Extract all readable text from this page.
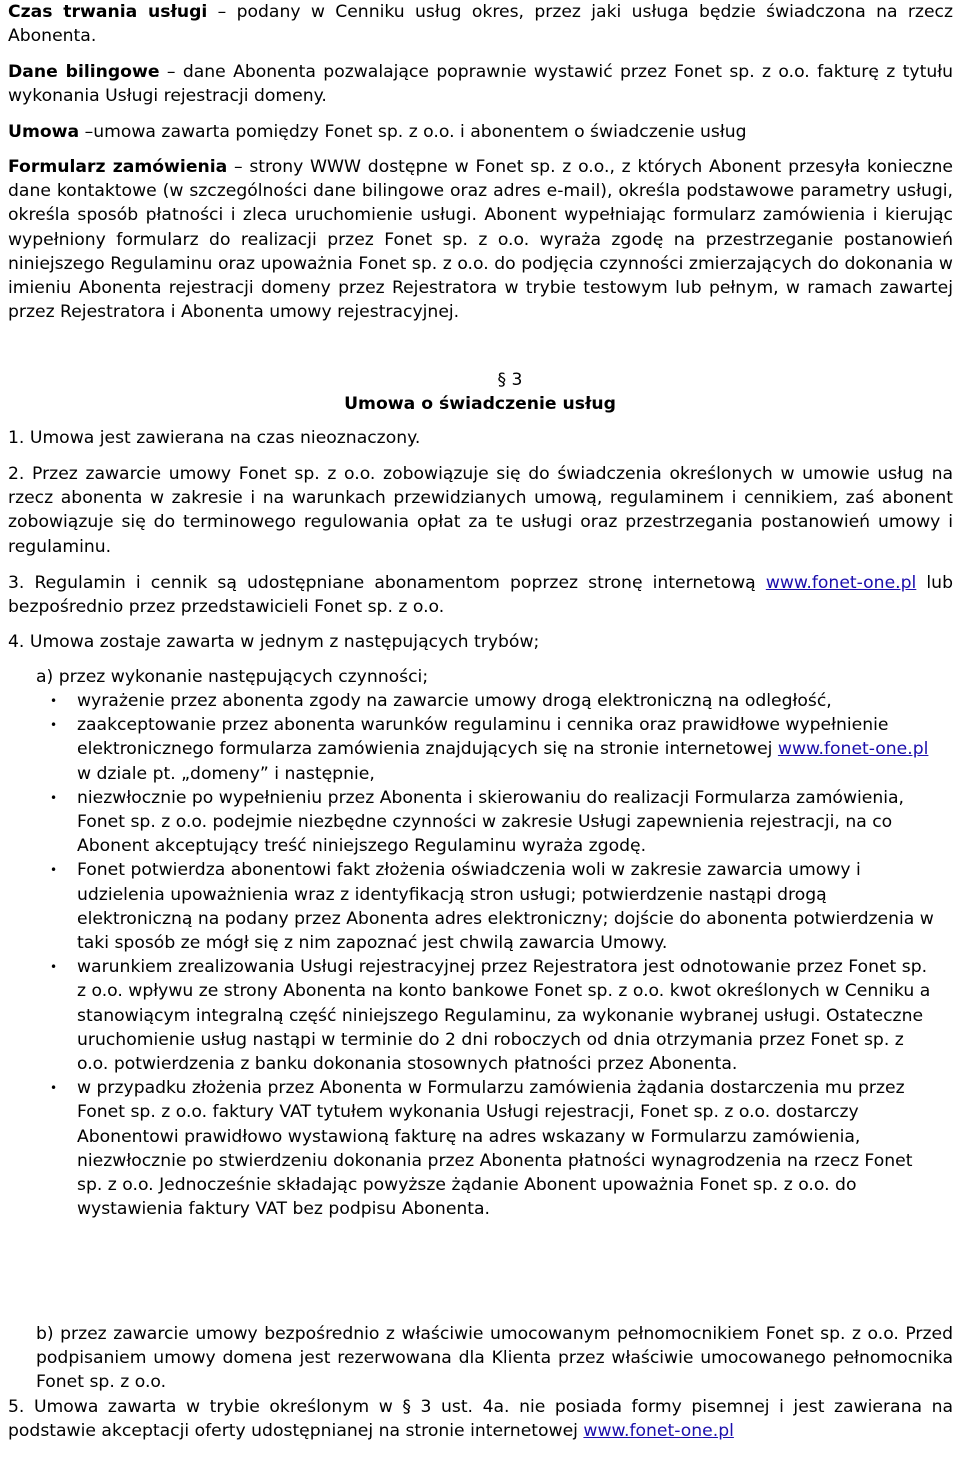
Czas trwania usługi – podany w Cenniku usług okres, przez jaki usługa będzie świadczona na rzecz Abonenta.

Dane bilingowe – dane Abonenta pozwalające poprawnie wystawić przez Fonet sp. z o.o. fakturę z tytułu wykonania Usługi rejestracji domeny.

Umowa –umowa zawarta pomiędzy Fonet sp. z o.o. i abonentem o świadczenie usług

Formularz zamówienia – strony WWW dostępne w Fonet sp. z o.o., z których Abonent przesyła konieczne dane kontaktowe (w szczególności dane bilingowe oraz adres e-mail), określa podstawowe parametry usługi, określa sposób płatności i zleca uruchomienie usługi. Abonent wypełniając formularz zamówienia i kierując wypełniony formularz do realizacji przez Fonet sp. z o.o. wyraża zgodę na przestrzeganie postanowień niniejszego Regulaminu oraz upoważnia Fonet sp. z o.o. do podjęcia czynności zmierzających do dokonania w imieniu Abonenta rejestracji domeny przez Rejestratora w trybie testowym lub pełnym, w ramach zawartej przez Rejestratora i Abonenta umowy rejestracyjnej.

§ 3
Umowa o świadczenie usług

1. Umowa jest zawierana na czas nieoznaczony.

2. Przez zawarcie umowy Fonet sp. z o.o. zobowiązuje się do świadczenia określonych w umowie usług na rzecz abonenta w zakresie i na warunkach przewidzianych umową, regulaminem i cennikiem, zaś abonent zobowiązuje się do terminowego regulowania opłat za te usługi oraz przestrzegania postanowień umowy i regulaminu.

3. Regulamin i cennik są udostępniane abonamentom poprzez stronę internetową www.fonet-one.pl lub bezpośrednio przez przedstawicieli Fonet sp. z o.o.

4. Umowa zostaje zawarta w jednym z następujących trybów;

a) przez wykonanie następujących czynności;

• wyrażenie przez abonenta zgody na zawarcie umowy drogą elektroniczną na odległość,
• zaakceptowanie przez abonenta warunków regulaminu i cennika oraz prawidłowe wypełnienie elektronicznego formularza zamówienia znajdujących się na stronie internetowej www.fonet-one.pl w dziale pt. „domeny” i następnie,
• niezwłocznie po wypełnieniu przez Abonenta i skierowaniu do realizacji Formularza zamówienia, Fonet sp. z o.o. podejmie niezbędne czynności w zakresie Usługi zapewnienia rejestracji, na co Abonent akceptujący treść niniejszego Regulaminu wyraża zgodę.
• Fonet potwierdza abonentowi fakt złożenia oświadczenia woli w zakresie zawarcia umowy i udzielenia upoważnienia wraz z identyfikacją stron usługi; potwierdzenie nastąpi drogą elektroniczną na podany przez Abonenta adres elektroniczny; dojście do abonenta potwierdzenia w taki sposób ze mógł się z nim zapoznać jest chwilą zawarcia Umowy.
• warunkiem zrealizowania Usługi rejestracyjnej przez Rejestratora jest odnotowanie przez Fonet sp. z o.o. wpływu ze strony Abonenta na konto bankowe Fonet sp. z o.o. kwot określonych w Cenniku a stanowiącym integralną część niniejszego Regulaminu, za wykonanie wybranej usługi. Ostateczne uruchomienie usług nastąpi w terminie do 2 dni roboczych od dnia otrzymania przez Fonet sp. z o.o. potwierdzenia z banku dokonania stosownych płatności przez Abonenta.
• w przypadku złożenia przez Abonenta w Formularzu zamówienia żądania dostarczenia mu przez Fonet sp. z o.o. faktury VAT tytułem wykonania Usługi rejestracji, Fonet sp. z o.o. dostarczy Abonentowi prawidłowo wystawioną fakturę na adres wskazany w Formularzu zamówienia, niezwłocznie po stwierdzeniu dokonania przez Abonenta płatności wynagrodzenia na rzecz Fonet sp. z o.o. Jednocześnie składając powyższe żądanie Abonent upoważnia Fonet sp. z o.o. do wystawienia faktury VAT bez podpisu Abonenta.

b) przez zawarcie umowy bezpośrednio z właściwie umocowanym pełnomocnikiem Fonet sp. z o.o. Przed podpisaniem umowy domena jest rezerwowana dla Klienta przez właściwie umocowanego pełnomocnika Fonet sp. z o.o.

5. Umowa zawarta w trybie określonym w § 3 ust. 4a. nie posiada formy pisemnej i jest zawierana na podstawie akceptacji oferty udostępnianej na stronie internetowej www.fonet-one.pl
